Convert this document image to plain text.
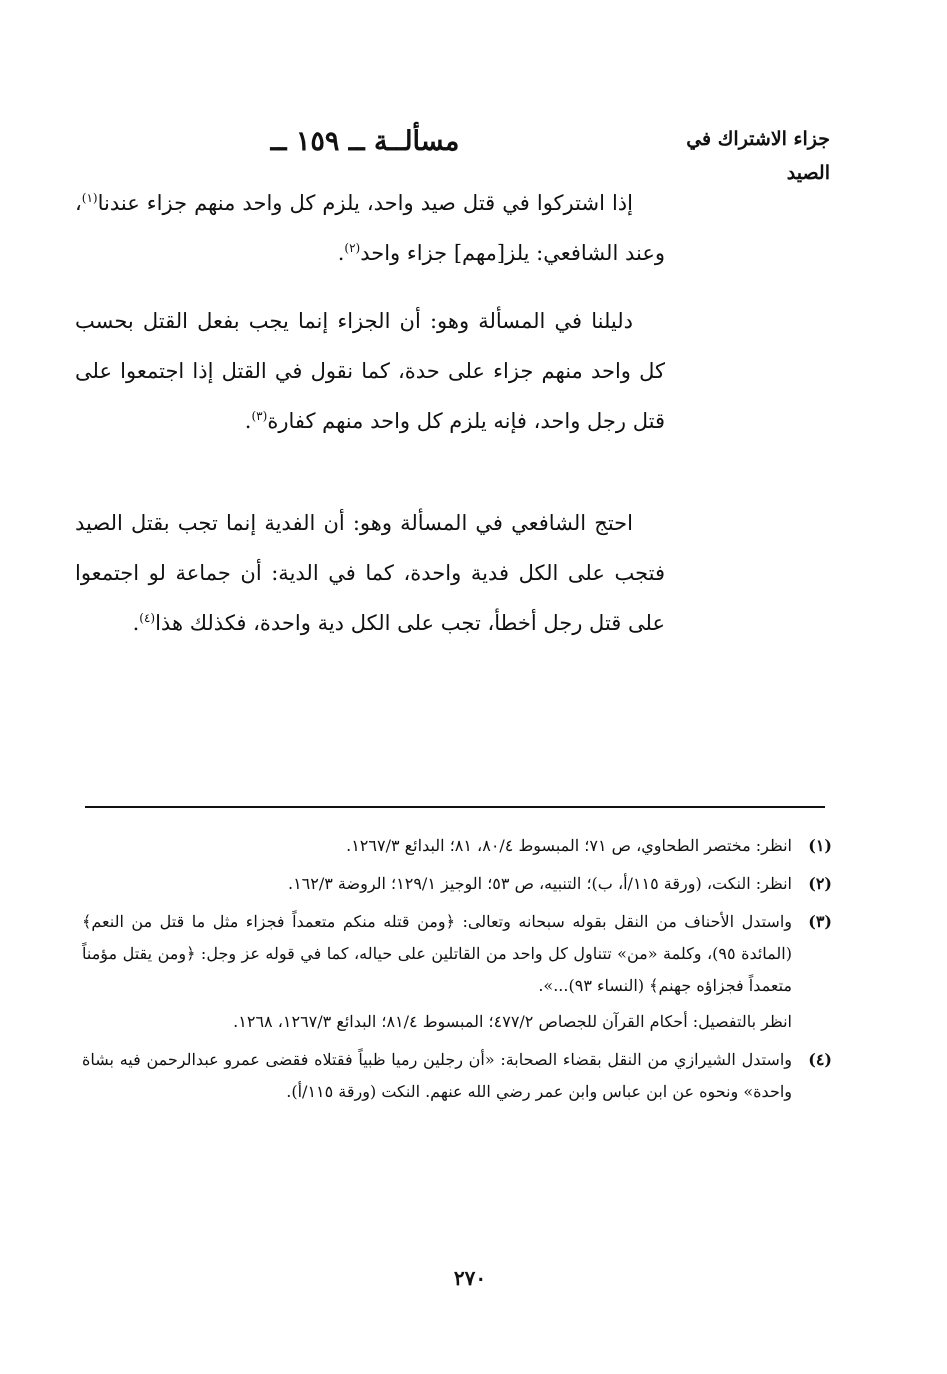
جزاء الاشتراك في
الصيد
مسألــة ــ ١٥٩ ــ

إذا اشتركوا في قتل صيد واحد، يلزم كل واحد منهم جزاء عندنا$^{(١)}$، وعند الشافعي: يلز[مهم] جزاء واحد$^{(٢)}$.

دليلنا في المسألة وهو: أن الجزاء إنما يجب بفعل القتل بحسب كل واحد منهم جزاء على حدة، كما نقول في القتل إذا اجتمعوا على قتل رجل واحد، فإنه يلزم كل واحد منهم كفارة$^{(٣)}$.

احتج الشافعي في المسألة وهو: أن الفدية إنما تجب بقتل الصيد فتجب على الكل فدية واحدة، كما في الدية: أن جماعة لو اجتمعوا على قتل رجل أخطأ، تجب على الكل دية واحدة، فكذلك هذا$^{(٤)}$.

(١)

انظر: مختصر الطحاوي، ص ٧١؛ المبسوط ٨٠/٤، ٨١؛ البدائع ١٢٦٧/٣.

(٢)

انظر: النكت، (ورقة ١١٥/أ، ب)؛ التنبيه، ص ٥٣؛ الوجيز ١٢٩/١؛ الروضة ١٦٢/٣.

(٣)

واستدل الأحناف من النقل بقوله سبحانه وتعالى: ﴿ومن قتله منكم متعمداً فجزاء مثل ما قتل من النعم﴾ (المائدة ٩٥)، وكلمة «من» تتناول كل واحد من القاتلين على حياله، كما في قوله عز وجل: ﴿ومن يقتل مؤمناً متعمداً فجزاؤه جهنم﴾ (النساء ٩٣)...».

انظر بالتفصيل: أحكام القرآن للجصاص ٤٧٧/٢؛ المبسوط ٨١/٤؛ البدائع ١٢٦٧/٣، ١٢٦٨.

(٤)

واستدل الشيرازي من النقل بقضاء الصحابة: «أن رجلين رميا ظبياً فقتلاه فقضى عمرو عبدالرحمن فيه بشاة واحدة» ونحوه عن ابن عباس وابن عمر رضي الله عنهم. النكت (ورقة ١١٥/أ).

٢٧٠
